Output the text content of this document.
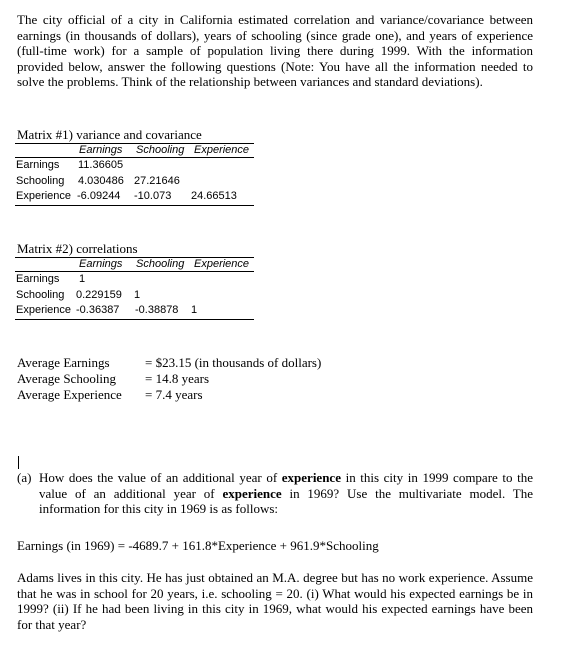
The city official of a city in California estimated correlation and variance/covariance between earnings (in thousands of dollars), years of schooling (since grade one), and years of experience (full-time work) for a sample of population living there during 1999. With the information provided below, answer the following questions (Note: You have all the information needed to solve the problems. Think of the relationship between variances and standard deviations).
Matrix #1) variance and covariance
Earnings Schooling Experience
Earnings 11.36605
Schooling 4.030486 27.21646
Experience -6.09244 -10.073 24.66513
Matrix #2) correlations
Earnings Schooling Experience
Earnings 1
Schooling 0.229159 1
Experience -0.36387 -0.38878 1
Average Earnings	= $23.15 (in thousands of dollars)
Average Schooling = 14.8 years
Average Experience = 7.4 years
(a) How does the value of an additional year of experience in this city in 1999 compare to the value of an additional year of experience in 1969? Use the multivariate model. The information for this city in 1969 is as follows:
Earnings (in 1969) = -4689.7 + 161.8*Experience + 961.9*Schooling
Adams lives in this city. He has just obtained an M.A. degree but has no work experience. Assume that he was in school for 20 years, i.e. schooling = 20. (i) What would his expected earnings be in 1999? (ii) If he had been living in this city in 1969, what would his expected earnings have been for that year?
